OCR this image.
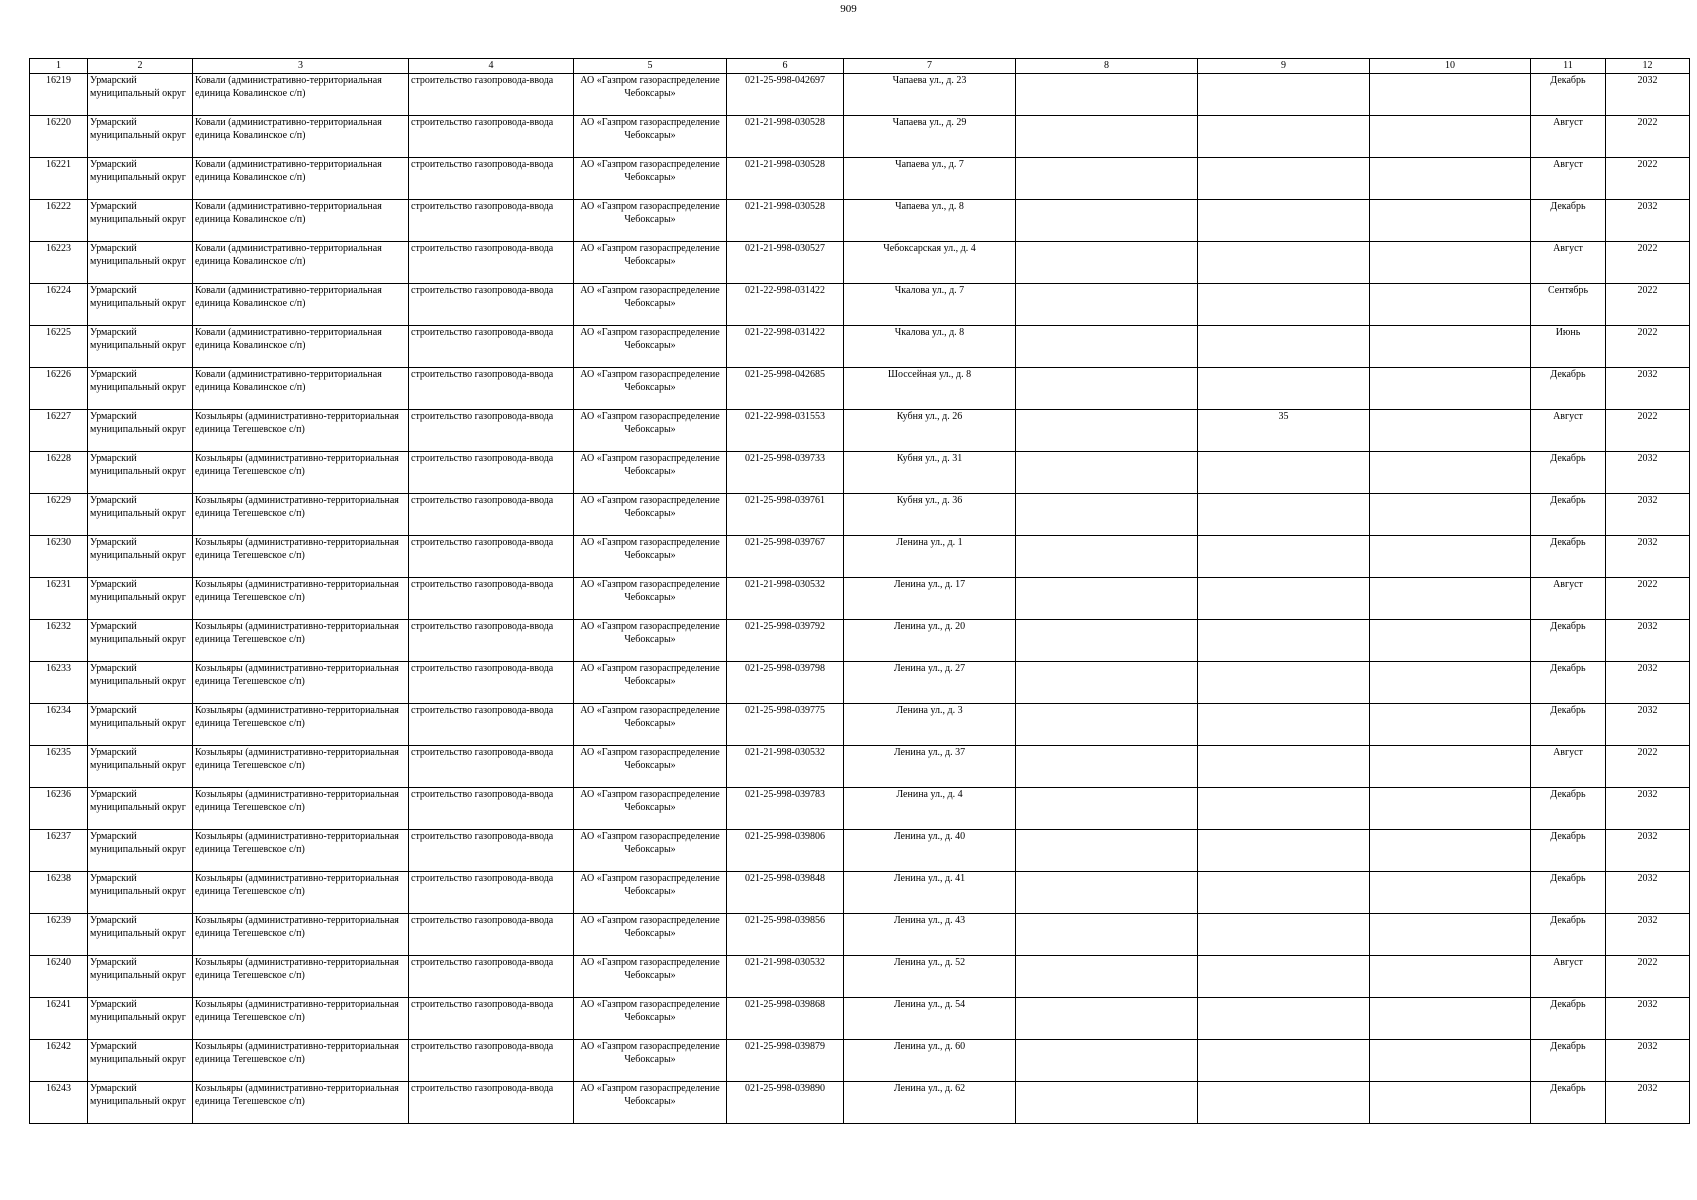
909
1	2	3	4	5	6	7	8	9	10	11	12

16219	Урмарский муниципальный округ	Ковали (административно-территориальная единица Ковалинское с/п)	строительство газопровода-ввода	АО «Газпром газораспределение Чебоксары»	021-25-998-042697	Чапаева ул., д. 23				Декабрь	2032

16220	Урмарский муниципальный округ	Ковали (административно-территориальная единица Ковалинское с/п)	строительство газопровода-ввода	АО «Газпром газораспределение Чебоксары»	021-21-998-030528	Чапаева ул., д. 29				Август	2022

16221	Урмарский муниципальный округ	Ковали (административно-территориальная единица Ковалинское с/п)	строительство газопровода-ввода	АО «Газпром газораспределение Чебоксары»	021-21-998-030528	Чапаева ул., д. 7				Август	2022

16222	Урмарский муниципальный округ	Ковали (административно-территориальная единица Ковалинское с/п)	строительство газопровода-ввода	АО «Газпром газораспределение Чебоксары»	021-21-998-030528	Чапаева ул., д. 8				Декабрь	2032

16223	Урмарский муниципальный округ	Ковали (административно-территориальная единица Ковалинское с/п)	строительство газопровода-ввода	АО «Газпром газораспределение Чебоксары»	021-21-998-030527	Чебоксарская ул., д. 4				Август	2022

16224	Урмарский муниципальный округ	Ковали (административно-территориальная единица Ковалинское с/п)	строительство газопровода-ввода	АО «Газпром газораспределение Чебоксары»	021-22-998-031422	Чкалова ул., д. 7				Сентябрь	2022

16225	Урмарский муниципальный округ	Ковали (административно-территориальная единица Ковалинское с/п)	строительство газопровода-ввода	АО «Газпром газораспределение Чебоксары»	021-22-998-031422	Чкалова ул., д. 8				Июнь	2022

16226	Урмарский муниципальный округ	Ковали (административно-территориальная единица Ковалинское с/п)	строительство газопровода-ввода	АО «Газпром газораспределение Чебоксары»	021-25-998-042685	Шоссейная ул., д. 8				Декабрь	2032

16227	Урмарский муниципальный округ	Козыльяры (административно-территориальная единица Тегешевское с/п)	строительство газопровода-ввода	АО «Газпром газораспределение Чебоксары»	021-22-998-031553	Кубня ул., д. 26		35		Август	2022

16228	Урмарский муниципальный округ	Козыльяры (административно-территориальная единица Тегешевское с/п)	строительство газопровода-ввода	АО «Газпром газораспределение Чебоксары»	021-25-998-039733	Кубня ул., д. 31				Декабрь	2032

16229	Урмарский муниципальный округ	Козыльяры (административно-территориальная единица Тегешевское с/п)	строительство газопровода-ввода	АО «Газпром газораспределение Чебоксары»	021-25-998-039761	Кубня ул., д. 36				Декабрь	2032

16230	Урмарский муниципальный округ	Козыльяры (административно-территориальная единица Тегешевское с/п)	строительство газопровода-ввода	АО «Газпром газораспределение Чебоксары»	021-25-998-039767	Ленина ул., д. 1				Декабрь	2032

16231	Урмарский муниципальный округ	Козыльяры (административно-территориальная единица Тегешевское с/п)	строительство газопровода-ввода	АО «Газпром газораспределение Чебоксары»	021-21-998-030532	Ленина ул., д. 17				Август	2022

16232	Урмарский муниципальный округ	Козыльяры (административно-территориальная единица Тегешевское с/п)	строительство газопровода-ввода	АО «Газпром газораспределение Чебоксары»	021-25-998-039792	Ленина ул., д. 20				Декабрь	2032

16233	Урмарский муниципальный округ	Козыльяры (административно-территориальная единица Тегешевское с/п)	строительство газопровода-ввода	АО «Газпром газораспределение Чебоксары»	021-25-998-039798	Ленина ул., д. 27				Декабрь	2032

16234	Урмарский муниципальный округ	Козыльяры (административно-территориальная единица Тегешевское с/п)	строительство газопровода-ввода	АО «Газпром газораспределение Чебоксары»	021-25-998-039775	Ленина ул., д. 3				Декабрь	2032

16235	Урмарский муниципальный округ	Козыльяры (административно-территориальная единица Тегешевское с/п)	строительство газопровода-ввода	АО «Газпром газораспределение Чебоксары»	021-21-998-030532	Ленина ул., д. 37				Август	2022

16236	Урмарский муниципальный округ	Козыльяры (административно-территориальная единица Тегешевское с/п)	строительство газопровода-ввода	АО «Газпром газораспределение Чебоксары»	021-25-998-039783	Ленина ул., д. 4				Декабрь	2032

16237	Урмарский муниципальный округ	Козыльяры (административно-территориальная единица Тегешевское с/п)	строительство газопровода-ввода	АО «Газпром газораспределение Чебоксары»	021-25-998-039806	Ленина ул., д. 40				Декабрь	2032

16238	Урмарский муниципальный округ	Козыльяры (административно-территориальная единица Тегешевское с/п)	строительство газопровода-ввода	АО «Газпром газораспределение Чебоксары»	021-25-998-039848	Ленина ул., д. 41				Декабрь	2032

16239	Урмарский муниципальный округ	Козыльяры (административно-территориальная единица Тегешевское с/п)	строительство газопровода-ввода	АО «Газпром газораспределение Чебоксары»	021-25-998-039856	Ленина ул., д. 43				Декабрь	2032

16240	Урмарский муниципальный округ	Козыльяры (административно-территориальная единица Тегешевское с/п)	строительство газопровода-ввода	АО «Газпром газораспределение Чебоксары»	021-21-998-030532	Ленина ул., д. 52				Август	2022

16241	Урмарский муниципальный округ	Козыльяры (административно-территориальная единица Тегешевское с/п)	строительство газопровода-ввода	АО «Газпром газораспределение Чебоксары»	021-25-998-039868	Ленина ул., д. 54				Декабрь	2032

16242	Урмарский муниципальный округ	Козыльяры (административно-территориальная единица Тегешевское с/п)	строительство газопровода-ввода	АО «Газпром газораспределение Чебоксары»	021-25-998-039879	Ленина ул., д. 60				Декабрь	2032

16243	Урмарский муниципальный округ	Козыльяры (административно-территориальная единица Тегешевское с/п)	строительство газопровода-ввода	АО «Газпром газораспределение Чебоксары»	021-25-998-039890	Ленина ул., д. 62				Декабрь	2032
